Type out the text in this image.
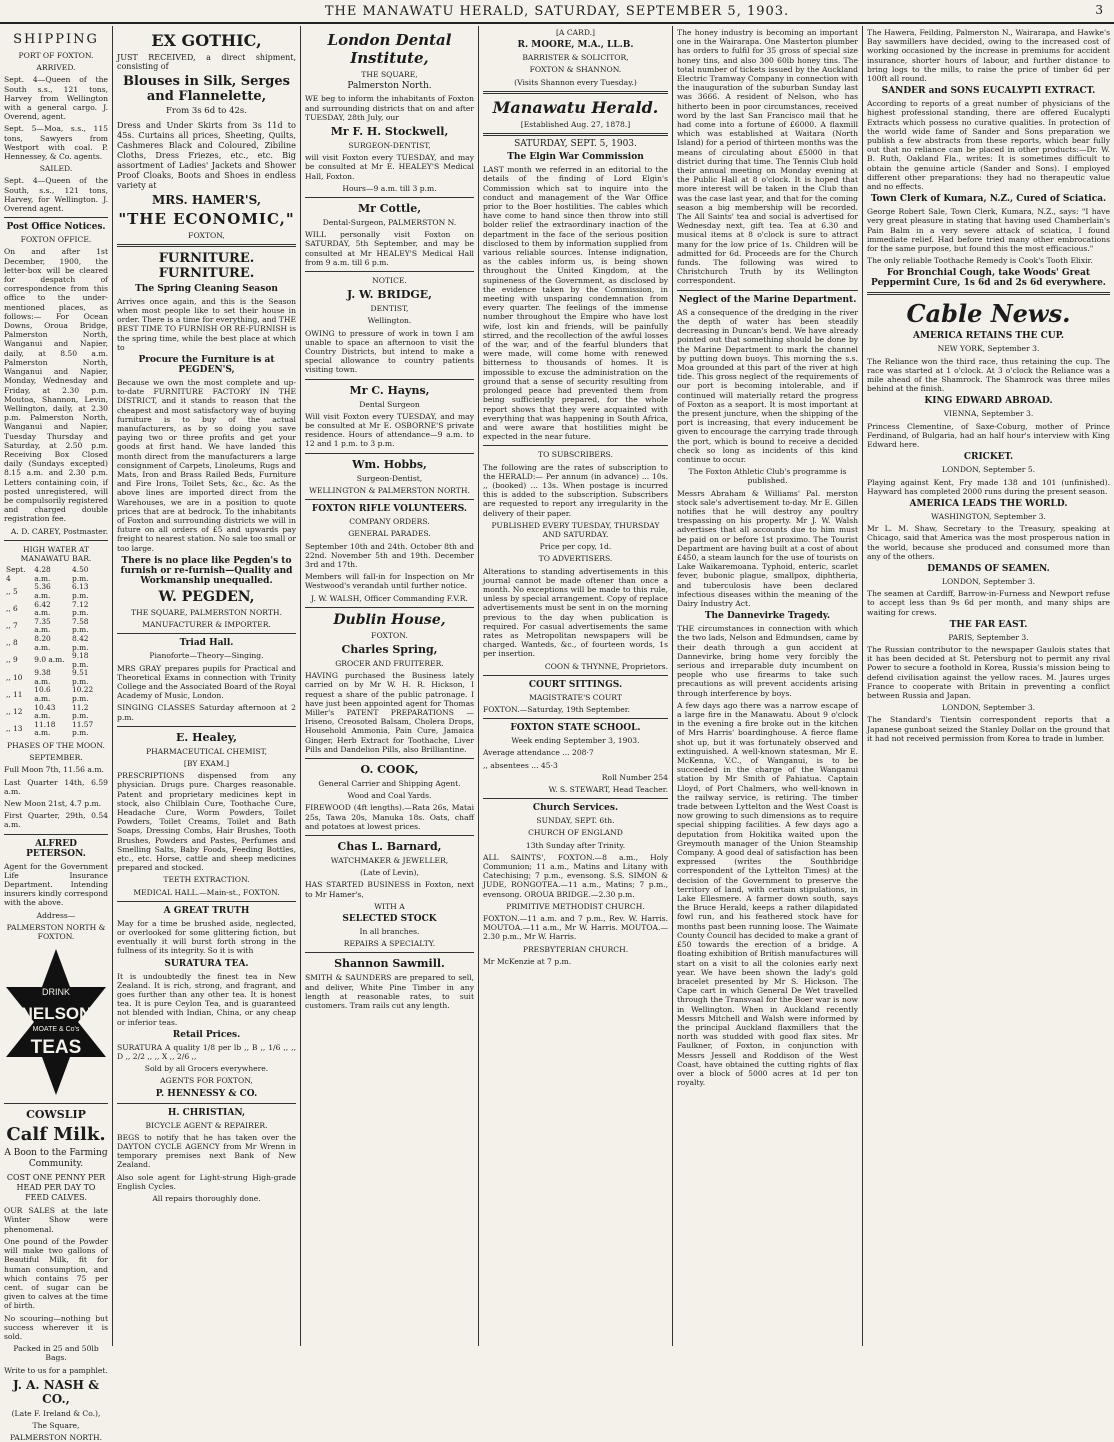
THE MANAWATU HERALD, SATURDAY, SEPTEMBER 5, 1903.	3
SHIPPING

PORT OF FOXTON.

ARRIVED.

Sept. 4—Queen of the South s.s., 121 tons, Harvey from Wellington with a general cargo. J. Overend, agent.

Sept. 5—Moa, s.s., 115 tons, Sawyers from Westport with coal. P. Hennessey, & Co. agents.

SAILED.

Sept. 4—Queen of the South, s.s., 121 tons, Harvey, for Wellington. J. Overend agent.

Post Office Notices.

FOXTON OFFICE.

On and after 1st December, 1900, the letter-box will be cleared for despatch of correspondence from this office to the under-mentioned places, as follows:— For Ocean Downs, Oroua Bridge, Palmerston North, Wanganui and Napier, daily, at 8.50 a.m. Palmerston North, Wanganui and Napier, Monday, Wednesday and Friday, at 2.30 p.m. Moutoa, Shannon, Levin, Wellington, daily, at 2.30 p.m. Palmerston North, Wanganui and Napier, Tuesday Thursday and Saturday, at 2.50 p.m. Receiving Box Closed daily (Sundays excepted) 8.15 a.m. and 2.30 p.m. Letters containing coin, if posted unregistered, will be compulsorily registered and charged double registration fee.

A. D. CAREY, Postmaster.

HIGH WATER AT MANAWATU BAR.

Sept. 4	4.28 a.m.	4.50 p.m.
,, 5	5.36 a.m.	6.13 p.m.
,, 6	6.42 a.m.	7.12 p.m.
,, 7	7.35 a.m.	7.58 p.m.
,, 8	8.20 a.m.	8.42 p.m.
,, 9	9.0 a.m.	9.18 p.m.
,, 10	9.38 a.m.	9.51 p.m.
,, 11	10.6 a.m.	10.22 p.m.
,, 12	10.43 a.m.	11.2 p.m.
,, 13	11.18 a.m.	11.57 p.m.

PHASES OF THE MOON.

SEPTEMBER.

Full Moon 7th, 11.56 a.m.

Last Quarter 14th, 6.59 a.m.

New Moon 21st, 4.7 p.m.

First Quarter, 29th, 0.54 a.m.

ALFRED PETERSON.

Agent for the Government Life Insurance Department. Intending insurers kindly correspond with the above.

Address—

PALMERSTON NORTH & FOXTON.

DRINK
NELSON
MOATE & Co's
TEAS
COWSLIP
Calf Milk.

A Boon to the Farming Community.

COST ONE PENNY PER HEAD PER DAY TO FEED CALVES.

OUR SALES at the late Winter Show were phenomenal.

One pound of the Powder will make two gallons of Beautiful Milk, fit for human consumption, and which contains 75 per cent. of sugar can be given to calves at the time of birth.

No scouring—nothing but success wherever it is sold.

Packed in 25 and 50lb Bags.

Write to us for a pamphlet.

J. A. NASH & CO.,

(Late F. Ireland & Co.),

The Square,

PALMERSTON NORTH.

EX GOTHIC,

JUST RECEIVED, a direct shipment, consisting of

Blouses in Silk, Serges and Flannelette,

From 3s 6d to 42s.

Dress and Under Skirts from 3s 11d to 45s. Curtains all prices, Sheeting, Quilts, Cashmeres Black and Coloured, Zibiline Cloths, Dress Friezes, etc., etc. Big assortment of Ladies' Jackets and Shower Proof Cloaks, Boots and Shoes in endless variety at

MRS. HAMER'S,
"THE ECONOMIC,"

FOXTON,

FURNITURE. FURNITURE.
The Spring Cleaning Season

Arrives once again, and this is the Season when most people like to set their house in order. There is a time for everything, and THE BEST TIME TO FURNISH OR RE-FURNISH is the spring time, while the best place at which to

Procure the Furniture is at PEGDEN'S,

Because we own the most complete and up-to-date FURNITURE FACTORY IN THE DISTRICT, and it stands to reason that the cheapest and most satisfactory way of buying furniture is to buy of the actual manufacturers, as by so doing you save paying two or three profits and get your goods at first hand. We have landed this month direct from the manufacturers a large consignment of Carpets, Linoleums, Rugs and Mats, Iron and Brass Railed Beds, Furniture and Fire Irons, Toilet Sets, &c., &c. As the above lines are imported direct from the Warehouses, we are in a position to quote prices that are at bedrock. To the inhabitants of Foxton and surrounding districts we will in future on all orders of £5 and upwards pay freight to nearest station. No sale too small or too large.

There is no place like Pegden's to furnish or re-furnish—Quality and Workmanship unequalled.
W. PEGDEN,

THE SQUARE, PALMERSTON NORTH.

MANUFACTURER & IMPORTER.

Triad Hall.

Pianoforte—Theory—Singing.

MRS GRAY prepares pupils for Practical and Theoretical Exams in connection with Trinity College and the Associated Board of the Royal Academy of Music, London.

SINGING CLASSES Saturday afternoon at 2 p.m.

E. Healey,

PHARMACEUTICAL CHEMIST,

[BY EXAM.]

PRESCRIPTIONS dispensed from any physician. Drugs pure. Charges reasonable. Patent and proprietary medicines kept in stock, also Chilblain Cure, Toothache Cure, Headache Cure, Worm Powders, Toilet Powders, Toilet Creams, Toilet and Bath Soaps, Dressing Combs, Hair Brushes, Tooth Brushes, Powders and Pastes, Perfumes and Smelling Salts, Baby Foods, Feeding Bottles, etc., etc. Horse, cattle and sheep medicines prepared and stocked.

TEETH EXTRACTION.

MEDICAL HALL.—Main-st., FOXTON.

A GREAT TRUTH

May for a time be brushed aside, neglected, or overlooked for some glittering fiction, but eventually it will burst forth strong in the fullness of its integrity. So it is with

SURATURA TEA.

It is undoubtedly the finest tea in New Zealand. It is rich, strong, and fragrant, and goes further than any other tea. It is honest tea. It is pure Ceylon Tea, and is guaranteed not blended with Indian, China, or any cheap or inferior teas.

Retail Prices.

SURATURA A quality 1/8 per lb ,, B ,, 1/6 ,, ,, D ,, 2/2 ,, ,, X ,, 2/6 ,,

Sold by all Grocers everywhere.

AGENTS FOR FOXTON,

P. HENNESSY & CO.
H. CHRISTIAN,

BICYCLE AGENT & REPAIRER.

BEGS to notify that he has taken over the DAYTON CYCLE AGENCY from Mr Wrenn in temporary premises next Bank of New Zealand.

Also sole agent for Light-strung High-grade English Cycles.

All repairs thoroughly done.

London Dental Institute,

THE SQUARE,

Palmerston North.

WE beg to inform the inhabitants of Foxton and surrounding districts that on and after TUESDAY, 28th July, our

Mr F. H. Stockwell,

SURGEON-DENTIST,

will visit Foxton every TUESDAY, and may be consulted at Mr E. HEALEY'S Medical Hall, Foxton.

Hours—9 a.m. till 3 p.m.

Mr Cottle,

Dental-Surgeon, PALMERSTON N.

WILL personally visit Foxton on SATURDAY, 5th September, and may be consulted at Mr HEALEY'S Medical Hall from 9 a.m. till 6 p.m.

NOTICE.

J. W. BRIDGE,

DENTIST,

Wellington.

OWING to pressure of work in town I am unable to space an afternoon to visit the Country Districts, but intend to make a special allowance to country patients visiting town.

Mr C. Hayns,

Dental Surgeon

Will visit Foxton every TUESDAY, and may be consulted at Mr E. OSBORNE'S private residence. Hours of attendance—9 a.m. to 12 and 1 p.m. to 3 p.m.

Wm. Hobbs,

Surgeon-Dentist,

WELLINGTON & PALMERSTON NORTH.

FOXTON RIFLE VOLUNTEERS.

COMPANY ORDERS.

GENERAL PARADES.

September 10th and 24th. October 8th and 22nd. November 5th and 19th. December 3rd and 17th.

Members will fall-in for Inspection on Mr Westwood's verandah until further notice.

J. W. WALSH, Officer Commanding F.V.R.

Dublin House,

FOXTON.

Charles Spring,

GROCER AND FRUITERER.

HAVING purchased the Business lately carried on by Mr W. H. R. Hickson, I request a share of the public patronage. I have just been appointed agent for Thomas Miller's PATENT PREPARATIONS — Iriseno, Creosoted Balsam, Cholera Drops, Household Ammonia, Pain Cure, Jamaica Ginger, Herb Extract for Toothache, Liver Pills and Dandelion Pills, also Brilliantine.

O. COOK,

General Carrier and Shipping Agent.

Wood and Coal Yards.

FIREWOOD (4ft lengths).—Rata 26s, Matai 25s, Tawa 20s, Manuka 18s. Oats, chaff and potatoes at lowest prices.

Chas L. Barnard,

WATCHMAKER & JEWELLER,

(Late of Levin),

HAS STARTED BUSINESS in Foxton, next to Mr Hamer's,

WITH A

SELECTED STOCK

In all branches.

REPAIRS A SPECIALTY.

Shannon Sawmill.

SMITH & SAUNDERS are prepared to sell, and deliver, White Pine Timber in any length at reasonable rates, to suit customers. Tram rails cut any length.

[A CARD.]

R. MOORE, M.A., LL.B.

BARRISTER & SOLICITOR,

FOXTON & SHANNON.

(Visits Shannon every Tuesday.)

Manawatu Herald.

[Established Aug. 27, 1878.]

SATURDAY, SEPT. 5, 1903.

The Elgin War Commission

LAST month we referred in an editorial to the details of the finding of Lord Elgin's Commission which sat to inquire into the conduct and management of the War Office prior to the Boer hostilities. The cables which have come to hand since then throw into still bolder relief the extraordinary inaction of the department in the face of the serious position disclosed to them by information supplied from various reliable sources. Intense indignation, as the cables inform us, is being shown throughout the United Kingdom, at the supineness of the Government, as disclosed by the evidence taken by the Commission, in meeting with unsparing condemnation from every quarter. The feelings of the immense number throughout the Empire who have lost wife, lost kin and friends, will be painfully stirred, and the recollection of the awful losses of the war, and of the fearful blunders that were made, will come home with renewed bitterness to thousands of homes. It is impossible to excuse the administration on the ground that a sense of security resulting from prolonged peace had prevented them from being sufficiently prepared, for the whole report shows that they were acquainted with everything that was happening in South Africa, and were aware that hostilities might be expected in the near future.

TO SUBSCRIBERS.

The following are the rates of subscription to the HERALD:— Per annum (in advance) ... 10s. ,, (booked) ... 13s. When postage is incurred this is added to the subscription. Subscribers are requested to report any irregularity in the delivery of their paper.

PUBLISHED EVERY TUESDAY, THURSDAY AND SATURDAY.

Price per copy, 1d.

TO ADVERTISERS.

Alterations to standing advertisements in this journal cannot be made oftener than once a month. No exceptions will be made to this rule, unless by special arrangement. Copy of replace advertisements must be sent in on the morning previous to the day when publication is required. For casual advertisements the same rates as Metropolitan newspapers will be charged. Wanteds, &c., of fourteen words, 1s per insertion.

COON & THYNNE, Proprietors.

COURT SITTINGS.

MAGISTRATE'S COURT

FOXTON.—Saturday, 19th September.

FOXTON STATE SCHOOL.

Week ending September 3, 1903.

Average attendance ... 208·7

,, absentees ... 45·3

Roll Number 254

W. S. STEWART, Head Teacher.

Church Services.

SUNDAY, SEPT. 6th.

CHURCH OF ENGLAND

13th Sunday after Trinity.

ALL SAINTS', FOXTON.—8 a.m., Holy Communion; 11 a.m., Matins and Litany with Catechising; 7 p.m., evensong. S.S. SIMON & JUDE, RONGOTEA.—11 a.m., Matins; 7 p.m., evensong. OROUA BRIDGE.—2.30 p.m.

PRIMITIVE METHODIST CHURCH.

FOXTON.—11 a.m. and 7 p.m., Rev. W. Harris. MOUTOA.—11 a.m., Mr W. Harris. MOUTOA.—2.30 p.m., Mr W. Harris.

PRESBYTERIAN CHURCH.

Mr McKenzie at 7 p.m.

The honey industry is becoming an important one in the Wairarapa. One Masterton plumber has orders to fulfil for 35 gross of special size honey tins, and also 300 60lb honey tins. The total number of tickets issued by the Auckland Electric Tramway Company in connection with the inauguration of the suburban Sunday last was 3666. A resident of Nelson, who has hitherto been in poor circumstances, received word by the last San Francisco mail that he had come into a fortune of £6000. A flaxmill which was established at Waitara (North Island) for a period of thirteen months was the means of circulating about £5000 in that district during that time. The Tennis Club hold their annual meeting on Monday evening at the Public Hall at 8 o'clock. It is hoped that more interest will be taken in the Club than was the case last year, and that for the coming season a big membership will be recorded. The All Saints' tea and social is advertised for Wednesday next, gift tea. Tea at 6.30 and musical items at 8 o'clock is sure to attract many for the low price of 1s. Children will be admitted for 6d. Proceeds are for the Church funds. The following was wired to Christchurch Truth by its Wellington correspondent.

Neglect of the Marine Department.

AS a consequence of the dredging in the river the depth of water has been steadily decreasing in Duncan's bend. We have already pointed out that something should be done by the Marine Department to mark the channel by putting down buoys. This morning the s.s. Moa grounded at this part of the river at high tide. This gross neglect of the requirements of our port is becoming intolerable, and if continued will materially retard the progress of Foxton as a seaport. It is most important at the present juncture, when the shipping of the port is increasing, that every inducement be given to encourage the carrying trade through the port, which is bound to receive a decided check so long as incidents of this kind continue to occur.

The Foxton Athletic Club's programme is published.

Messrs Abraham & Williams' Pal. merston stock sale's advertisement to-day. Mr E. Gillen notifies that he will destroy any poultry trespassing on his property. Mr J. W. Walsh advertises that all accounts due to him must be paid on or before 1st proximo. The Tourist Department are having built at a cost of about £450, a steam launch for the use of tourists on Lake Waikaremoana. Typhoid, enteric, scarlet fever, bubonic plague, smallpox, diphtheria, and tuberculosis have been declared infectious diseases within the meaning of the Dairy Industry Act.

The Dannevirke Tragedy.

THE circumstances in connection with which the two lads, Nelson and Edmundsen, came by their death through a gun accident at Dannevirke, bring home very forcibly the serious and irreparable duty incumbent on people who use firearms to take such precautions as will prevent accidents arising through interference by boys.

A few days ago there was a narrow escape of a large fire in the Manawatu. About 9 o'clock in the evening a fire broke out in the kitchen of Mrs Harris' boardinghouse. A fierce flame shot up, but it was fortunately observed and extinguished. A well-known statesman, Mr E. McKenna, V.C., of Wanganui, is to be succeeded in the charge of the Wanganui station by Mr Smith of Pahiatua. Captain Lloyd, of Port Chalmers, who well-known in the railway service, is retiring. The timber trade between Lyttelton and the West Coast is now growing to such dimensions as to require special shipping facilities. A few days ago a deputation from Hokitika waited upon the Greymouth manager of the Union Steamship Company. A good deal of satisfaction has been expressed (writes the Southbridge correspondent of the Lyttelton Times) at the decision of the Government to preserve the territory of land, with certain stipulations, in Lake Ellesmere. A farmer down south, says the Bruce Herald, keeps a rather dilapidated fowl run, and his feathered stock have for months past been running loose. The Waimate County Council has decided to make a grant of £50 towards the erection of a bridge. A floating exhibition of British manufactures will start on a visit to all the colonies early next year. We have been shown the lady's gold bracelet presented by Mr S. Hickson. The Cape cart in which General De Wet travelled through the Transvaal for the Boer war is now in Wellington. When in Auckland recently Messrs Mitchell and Walsh were informed by the principal Auckland flaxmillers that the north was studded with good flax sites. Mr Faulkner, of Foxton, in conjunction with Messrs Jessell and Roddison of the West Coast, have obtained the cutting rights of flax over a block of 5000 acres at 1d per ton royalty.

The Hawera, Feilding, Palmerston N., Wairarapa, and Hawke's Bay sawmillers have decided, owing to the increased cost of working occasioned by the increase in premiums for accident insurance, shorter hours of labour, and further distance to bring logs to the mills, to raise the price of timber 6d per 100ft all round.

SANDER and SONS EUCALYPTI EXTRACT.

According to reports of a great number of physicians of the highest professional standing, there are offered Eucalypti Extracts which possess no curative qualities. In protection of the world wide fame of Sander and Sons preparation we publish a few abstracts from these reports, which bear fully out that no reliance can be placed in other products:—Dr. W. B. Ruth, Oakland Fla., writes: It is sometimes difficult to obtain the genuine article (Sander and Sons). I employed different other preparations: they had no therapeutic value and no effects.

Town Clerk of Kumara, N.Z., Cured of Sciatica.

George Robert Sale, Town Clerk, Kumara, N.Z., says: "I have very great pleasure in stating that having used Chamberlain's Pain Balm in a very severe attack of sciatica, I found immediate relief. Had before tried many other embrocations for the same purpose, but found this the most efficacious."

The only reliable Toothache Remedy is Cook's Tooth Elixir.

For Bronchial Cough, take Woods' Great Peppermint Cure, 1s 6d and 2s 6d everywhere.
Cable News.
AMERICA RETAINS THE CUP.

NEW YORK, September 3.

The Reliance won the third race, thus retaining the cup. The race was started at 1 o'clock. At 3 o'clock the Reliance was a mile ahead of the Shamrock. The Shamrock was three miles behind at the finish.

KING EDWARD ABROAD.

VIENNA, September 3.

Princess Clementine, of Saxe-Coburg, mother of Prince Ferdinand, of Bulgaria, had an half hour's interview with King Edward here.

CRICKET.

LONDON, September 5.

Playing against Kent, Fry made 138 and 101 (unfinished). Hayward has completed 2000 runs during the present season.

AMERICA LEADS THE WORLD.

WASHINGTON, September 3.

Mr L. M. Shaw, Secretary to the Treasury, speaking at Chicago, said that America was the most prosperous nation in the world, because she produced and consumed more than any of the others.

DEMANDS OF SEAMEN.

LONDON, September 3.

The seamen at Cardiff, Barrow-in-Furness and Newport refuse to accept less than 9s 6d per month, and many ships are waiting for crews.

THE FAR EAST.

PARIS, September 3.

The Russian contributor to the newspaper Gaulois states that it has been decided at St. Petersburg not to permit any rival Power to secure a foothold in Korea, Russia's mission being to defend civilisation against the yellow races. M. Jaures urges France to cooperate with Britain in preventing a conflict between Russia and Japan.

LONDON, September 3.

The Standard's Tientsin correspondent reports that a Japanese gunboat seized the Stanley Dollar on the ground that it had not received permission from Korea to trade in lumber.
